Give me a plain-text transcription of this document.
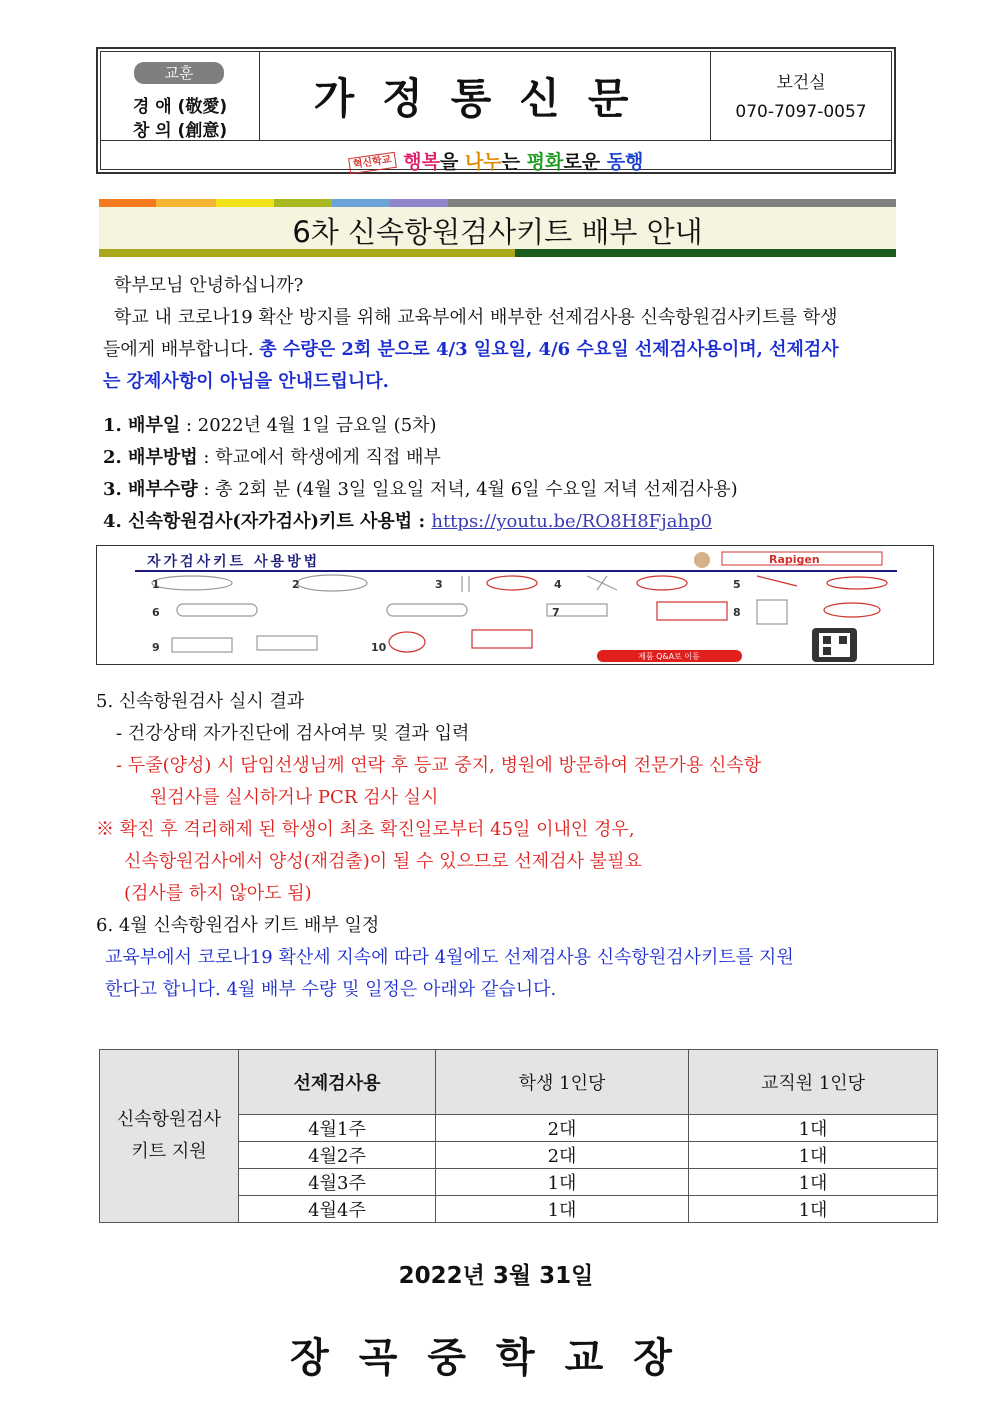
교훈
경 애 (敬愛)
창 의 (創意)
가정통신문	보건실
070-7097-0057
혁신학교 행복을 나누는 평화로운 동행
6차 신속항원검사키트 배부 안내
학부모님 안녕하십니까?
학교 내 코로나19 확산 방지를 위해 교육부에서 배부한 선제검사용 신속항원검사키트를 학생
들에게 배부합니다. 총 수량은 2회 분으로 4/3 일요일, 4/6 수요일 선제검사용이며, 선제검사
는 강제사항이 아님을 안내드립니다.
1. 배부일 : 2022년 4월 1일 금요일 (5차)
2. 배부방법 : 학교에서 학생에게 직접 배부
3. 배부수량 : 총 2회 분 (4월 3일 일요일 저녁, 4월 6일 수요일 저녁 선제검사용)
4. 신속항원검사(자가검사)키트 사용법 : https://youtu.be/RO8H8Fjahp0
자가검사키트 사용방법	Rapigen
1	2	3	4	5
6	7	8
9	10
제품 Q&A로 이동
5. 신속항원검사 실시 결과
- 건강상태 자가진단에 검사여부 및 결과 입력
- 두줄(양성) 시 담임선생님께 연락 후 등교 중지, 병원에 방문하여 전문가용 신속항
원검사를 실시하거나 PCR 검사 실시
※ 확진 후 격리해제 된 학생이 최초 확진일로부터 45일 이내인 경우,
신속항원검사에서 양성(재검출)이 될 수 있으므로 선제검사 불필요
(검사를 하지 않아도 됨)
6. 4월 신속항원검사 키트 배부 일정
교육부에서 코로나19 확산세 지속에 따라 4월에도 선제검사용 신속항원검사키트를 지원
한다고 합니다. 4월 배부 수량 및 일정은 아래와 같습니다.
신속항원검사
키트 지원	선제검사용	학생 1인당	교직원 1인당
	4월1주	2대	1대
	4월2주	2대	1대
	4월3주	1대	1대
	4월4주	1대	1대
2022년 3월 31일
장곡중학교장
